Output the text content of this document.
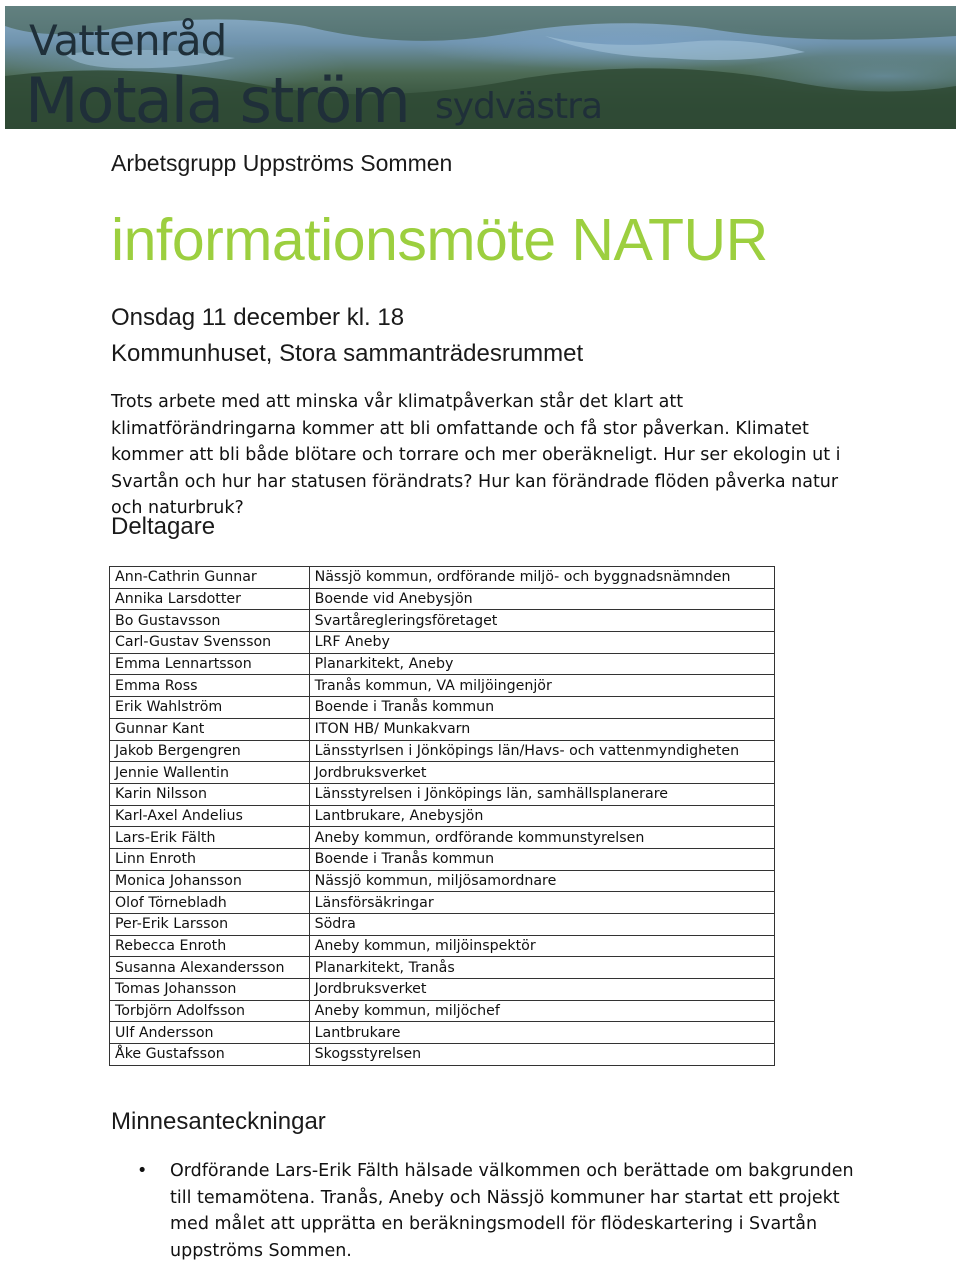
Vattenråd
Motala ström sydvästra

Arbetsgrupp Uppströms Sommen

informationsmöte NATUR

Onsdag 11 december kl. 18

Kommunhuset, Stora sammanträdesrummet

Trots arbete med att minska vår klimatpåverkan står det klart att klimatförändringarna kommer att bli omfattande och få stor påverkan. Klimatet kommer att bli både blötare och torrare och mer oberäkneligt. Hur ser ekologin ut i Svartån och hur har statusen förändrats? Hur kan förändrade flöden påverka natur och naturbruk?

Deltagare
Ann-Cathrin Gunnar	Nässjö kommun, ordförande miljö- och byggnadsnämnden
Annika Larsdotter	Boende vid Anebysjön
Bo Gustavsson	Svartåregleringsföretaget
Carl-Gustav Svensson	LRF Aneby
Emma Lennartsson	Planarkitekt, Aneby
Emma Ross	Tranås kommun, VA miljöingenjör
Erik Wahlström	Boende i Tranås kommun
Gunnar Kant	ITON HB/ Munkakvarn
Jakob Bergengren	Länsstyrlsen i Jönköpings län/Havs- och vattenmyndigheten
Jennie Wallentin	Jordbruksverket
Karin Nilsson	Länsstyrelsen i Jönköpings län, samhällsplanerare
Karl-Axel Andelius	Lantbrukare, Anebysjön
Lars-Erik Fälth	Aneby kommun, ordförande kommunstyrelsen
Linn Enroth	Boende i Tranås kommun
Monica Johansson	Nässjö kommun, miljösamordnare
Olof Törnebladh	Länsförsäkringar
Per-Erik Larsson	Södra
Rebecca Enroth	Aneby kommun, miljöinspektör
Susanna Alexandersson	Planarkitekt, Tranås
Tomas Johansson	Jordbruksverket
Torbjörn Adolfsson	Aneby kommun, miljöchef
Ulf Andersson	Lantbrukare
Åke Gustafsson	Skogsstyrelsen
Minnesanteckningar
• Ordförande Lars-Erik Fälth hälsade välkommen och berättade om bakgrunden till temamötena. Tranås, Aneby och Nässjö kommuner har startat ett projekt med målet att upprätta en beräkningsmodell för flödeskartering i Svartån uppströms Sommen.
